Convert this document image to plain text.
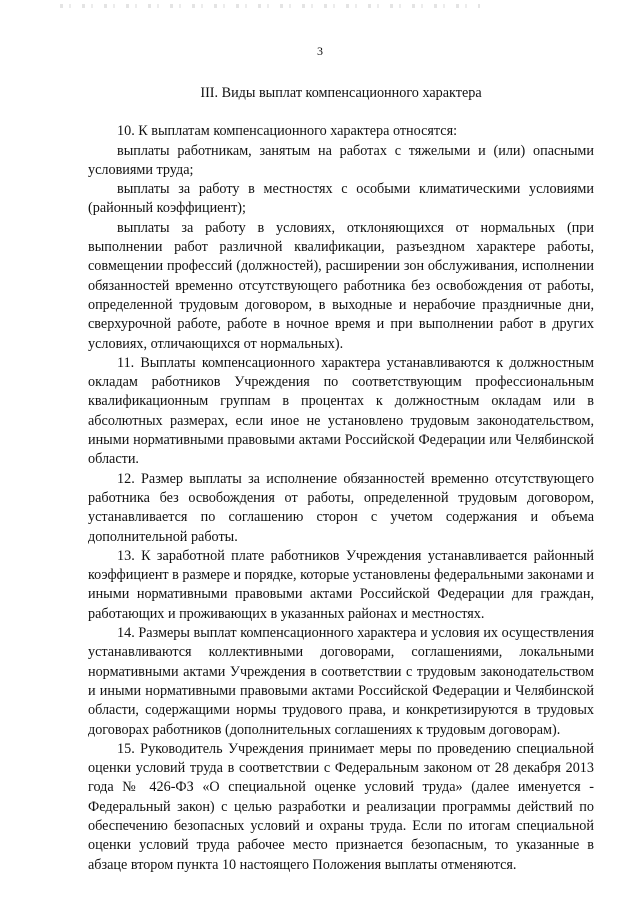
3
III. Виды выплат компенсационного характера

10. К выплатам компенсационного характера относятся:

выплаты работникам, занятым на работах с тяжелыми и (или) опасными условиями труда;

выплаты за работу в местностях с особыми климатическими условиями (районный коэффициент);

выплаты за работу в условиях, отклоняющихся от нормальных (при выполнении работ различной квалификации, разъездном характере работы, совмещении профессий (должностей), расширении зон обслуживания, исполнении обязанностей временно отсутствующего работника без освобождения от работы, определенной трудовым договором, в выходные и нерабочие праздничные дни, сверхурочной работе, работе в ночное время и при выполнении работ в других условиях, отличающихся от нормальных).

11. Выплаты компенсационного характера устанавливаются к должностным окладам работников Учреждения по соответствующим профессиональным квалификационным группам в процентах к должностным окладам или в абсолютных размерах, если иное не установлено трудовым законодательством, иными нормативными правовыми актами Российской Федерации или Челябинской области.

12. Размер выплаты за исполнение обязанностей временно отсутствующего работника без освобождения от работы, определенной трудовым договором, устанавливается по соглашению сторон с учетом содержания и объема дополнительной работы.

13. К заработной плате работников Учреждения устанавливается районный коэффициент в размере и порядке, которые установлены федеральными законами и иными нормативными правовыми актами Российской Федерации для граждан, работающих и проживающих в указанных районах и местностях.

14. Размеры выплат компенсационного характера и условия их осуществления устанавливаются коллективными договорами, соглашениями, локальными нормативными актами Учреждения в соответствии с трудовым законодательством и иными нормативными правовыми актами Российской Федерации и Челябинской области, содержащими нормы трудового права, и конкретизируются в трудовых договорах работников (дополнительных соглашениях к трудовым договорам).

15. Руководитель Учреждения принимает меры по проведению специальной оценки условий труда в соответствии с Федеральным законом от 28 декабря 2013 года № 426-ФЗ «О специальной оценке условий труда» (далее именуется - Федеральный закон) с целью разработки и реализации программы действий по обеспечению безопасных условий и охраны труда. Если по итогам специальной оценки условий труда рабочее место признается безопасным, то указанные в абзаце втором пункта 10 настоящего Положения выплаты отменяются.
